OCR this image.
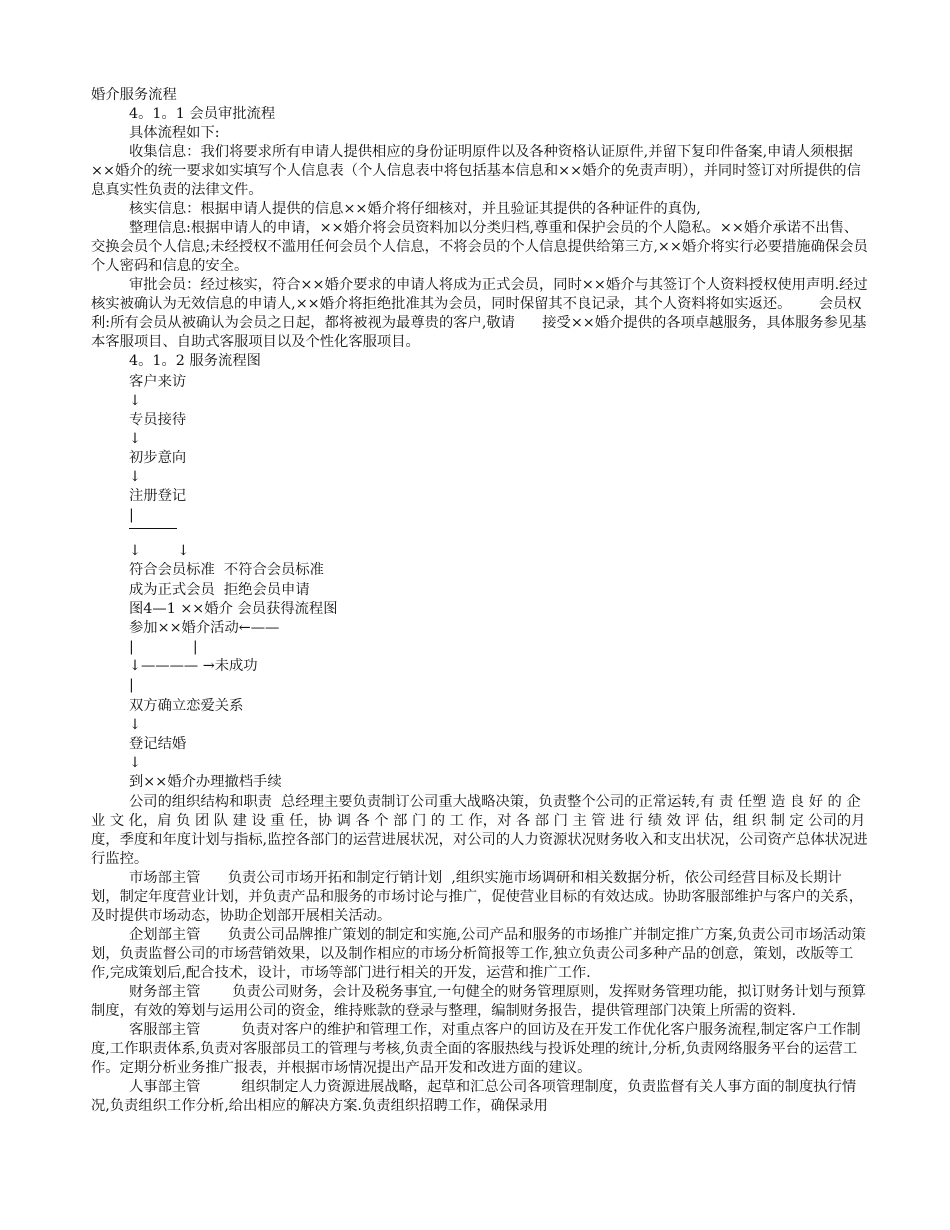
婚介服务流程

4。1。1 会员审批流程

具体流程如下:

收集信息：我们将要求所有申请人提供相应的身份证明原件以及各种资格认证原件,并留下复印件备案,申请人须根据××婚介的统一要求如实填写个人信息表（个人信息表中将包括基本信息和××婚介的免责声明），并同时签订对所提供的信息真实性负责的法律文件。

核实信息：根据申请人提供的信息××婚介将仔细核对，并且验证其提供的各种证件的真伪,

整理信息:根据申请人的申请，××婚介将会员资料加以分类归档,尊重和保护会员的个人隐私。××婚介承诺不出售、交换会员个人信息;未经授权不滥用任何会员个人信息，不将会员的个人信息提供给第三方,××婚介将实行必要措施确保会员个人密码和信息的安全。

审批会员：经过核实，符合××婚介要求的申请人将成为正式会员，同时××婚介与其签订个人资料授权使用声明.经过核实被确认为无效信息的申请人,××婚介将拒绝批准其为会员，同时保留其不良记录，其个人资料将如实返还。      会员权利:所有会员从被确认为会员之日起，都将被视为最尊贵的客户,敬请      接受××婚介提供的各项卓越服务，具体服务参见基本客服项目、自助式客服项目以及个性化客服项目。

4。1。2 服务流程图

客户来访

↓

专员接待

↓

初步意向

↓

注册登记

|

↓        ↓

符合会员标准  不符合会员标准

成为正式会员  拒绝会员申请

图4—1 ××婚介 会员获得流程图

参加××婚介活动←——

|             |

↓———— →未成功

|

双方确立恋爱关系

↓

登记结婚

↓

到××婚介办理撤档手续

公司的组织结构和职责  总经理主要负责制订公司重大战略决策，负责整个公司的正常运转,有 责 任塑 造 良 好 的 企 业 文 化，肩 负 团 队 建 设 重 任，协 调 各 个 部 门 的 工 作，对 各 部 门 主 管 进 行 绩 效 评 估，组 织 制 定 公司的月度，季度和年度计划与指标,监控各部门的运营进展状况，对公司的人力资源状况财务收入和支出状况，公司资产总体状况进行监控。

市场部主管      负责公司市场开拓和制定行销计划  ,组织实施市场调研和相关数据分析，依公司经营目标及长期计划，制定年度营业计划，并负责产品和服务的市场讨论与推广，促使营业目标的有效达成。协助客服部维护与客户的关系，及时提供市场动态，协助企划部开展相关活动。

企划部主管      负责公司品牌推广策划的制定和实施,公司产品和服务的市场推广并制定推广方案,负责公司市场活动策划，负责监督公司的市场营销效果，以及制作相应的市场分析简报等工作,独立负责公司多种产品的创意，策划，改版等工作,完成策划后,配合技术，设计，市场等部门进行相关的开发，运营和推广工作.

财务部主管       负责公司财务，会计及税务事宜,一句健全的财务管理原则，发挥财务管理功能，拟订财务计划与预算制度，有效的筹划与运用公司的资金，维持账款的登录与整理，编制财务报告，提供管理部门决策上所需的资料.

客服部主管         负责对客户的维护和管理工作，对重点客户的回访及在开发工作优化客户服务流程,制定客户工作制度,工作职责体系,负责对客服部员工的管理与考核,负责全面的客服热线与投诉处理的统计,分析,负责网络服务平台的运营工作。定期分析业务推广报表，并根据市场情况提出产品开发和改进方面的建议。

人事部主管         组织制定人力资源进展战略，起草和汇总公司各项管理制度，负责监督有关人事方面的制度执行情况,负责组织工作分析,给出相应的解决方案.负责组织招聘工作，确保录用
